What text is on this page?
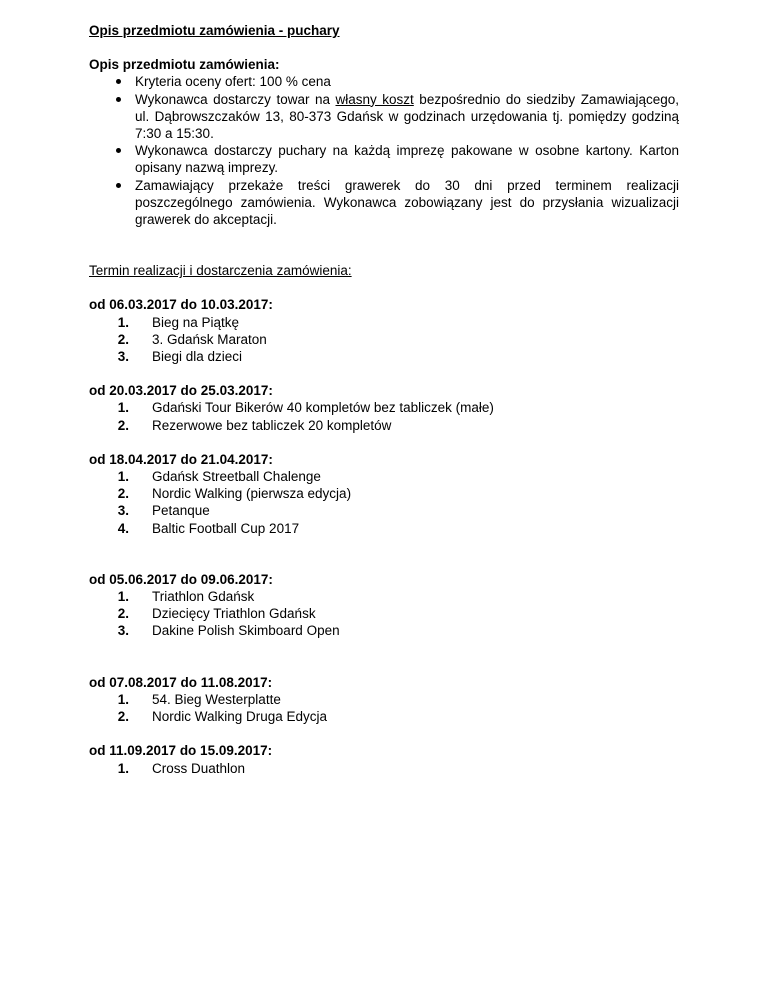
Opis przedmiotu zamówienia - puchary

Opis przedmiotu zamówienia:

Kryteria oceny ofert: 100 % cena
Wykonawca dostarczy towar na własny koszt bezpośrednio do siedziby Zamawiającego, ul. Dąbrowszczaków 13, 80-373 Gdańsk w godzinach urzędowania tj. pomiędzy godziną 7:30 a 15:30.
Wykonawca dostarczy puchary na każdą imprezę pakowane w osobne kartony. Karton opisany nazwą imprezy.
Zamawiający przekaże treści grawerek do 30 dni przed terminem realizacji poszczególnego zamówienia. Wykonawca zobowiązany jest do przysłania wizualizacji grawerek do akceptacji.

Termin realizacji i dostarczenia zamówienia:

od 06.03.2017 do 10.03.2017:

1. Bieg na Piątkę
2. 3. Gdańsk Maraton
3. Biegi dla dzieci

od 20.03.2017 do 25.03.2017:

1. Gdański Tour Bikerów 40 kompletów bez tabliczek (małe)
2. Rezerwowe bez tabliczek 20 kompletów

od 18.04.2017 do 21.04.2017:

1. Gdańsk Streetball Chalenge
2. Nordic Walking (pierwsza edycja)
3. Petanque
4. Baltic Football Cup 2017

od 05.06.2017 do 09.06.2017:

1. Triathlon Gdańsk
2. Dziecięcy Triathlon Gdańsk
3. Dakine Polish Skimboard Open

od 07.08.2017 do 11.08.2017:

1. 54. Bieg Westerplatte
2. Nordic Walking Druga Edycja

od 11.09.2017 do 15.09.2017:

1. Cross Duathlon
